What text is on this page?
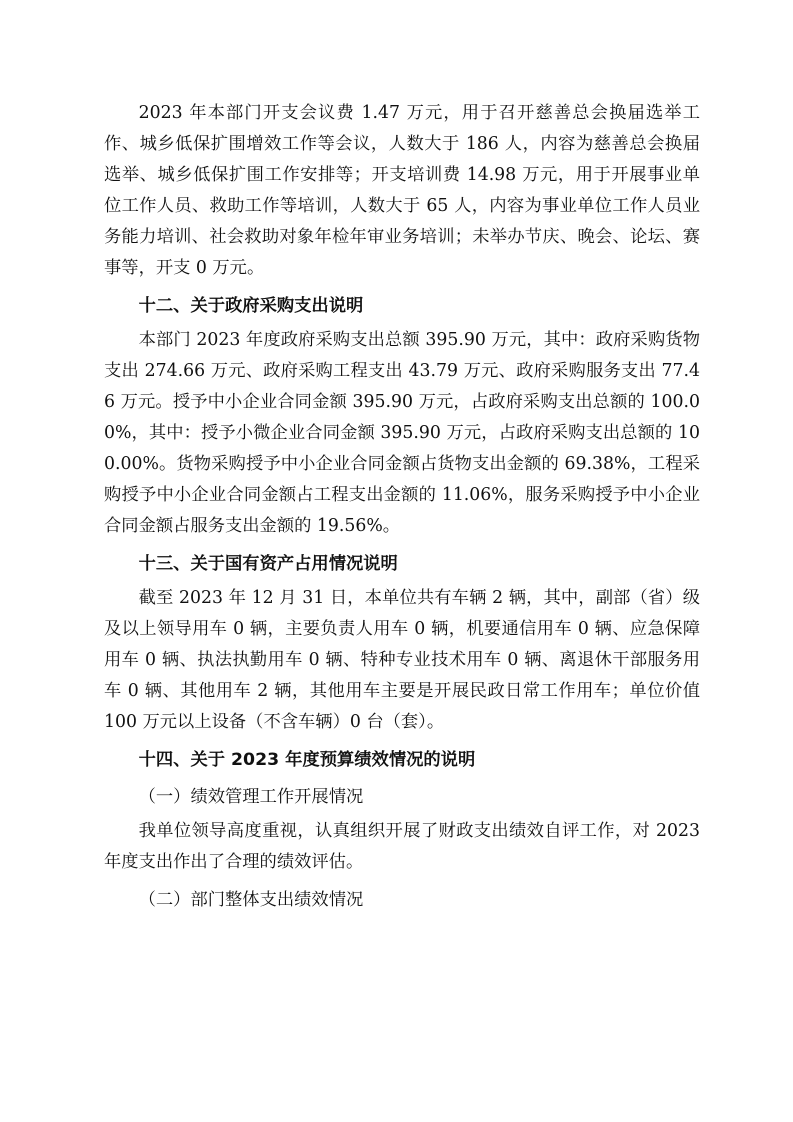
2023 年本部门开支会议费 1.47 万元，用于召开慈善总会换届选举工作、城乡低保扩围增效工作等会议，人数大于 186 人，内容为慈善总会换届选举、城乡低保扩围工作安排等；开支培训费 14.98 万元，用于开展事业单位工作人员、救助工作等培训，人数大于 65 人，内容为事业单位工作人员业务能力培训、社会救助对象年检年审业务培训；未举办节庆、晚会、论坛、赛事等，开支 0 万元。

十二、关于政府采购支出说明

本部门 2023 年度政府采购支出总额 395.90 万元，其中：政府采购货物支出 274.66 万元、政府采购工程支出 43.79 万元、政府采购服务支出 77.46 万元。授予中小企业合同金额 395.90 万元，占政府采购支出总额的 100.00%，其中：授予小微企业合同金额 395.90 万元，占政府采购支出总额的 100.00%。货物采购授予中小企业合同金额占货物支出金额的 69.38%，工程采购授予中小企业合同金额占工程支出金额的 11.06%，服务采购授予中小企业合同金额占服务支出金额的 19.56%。

十三、关于国有资产占用情况说明

截至 2023 年 12 月 31 日，本单位共有车辆 2 辆，其中，副部（省）级及以上领导用车 0 辆，主要负责人用车 0 辆，机要通信用车 0 辆、应急保障用车 0 辆、执法执勤用车 0 辆、特种专业技术用车 0 辆、离退休干部服务用车 0 辆、其他用车 2 辆，其他用车主要是开展民政日常工作用车；单位价值 100 万元以上设备（不含车辆）0 台（套）。

十四、关于 2023 年度预算绩效情况的说明
（一）绩效管理工作开展情况

我单位领导高度重视，认真组织开展了财政支出绩效自评工作，对 2023 年度支出作出了合理的绩效评估。

（二）部门整体支出绩效情况
